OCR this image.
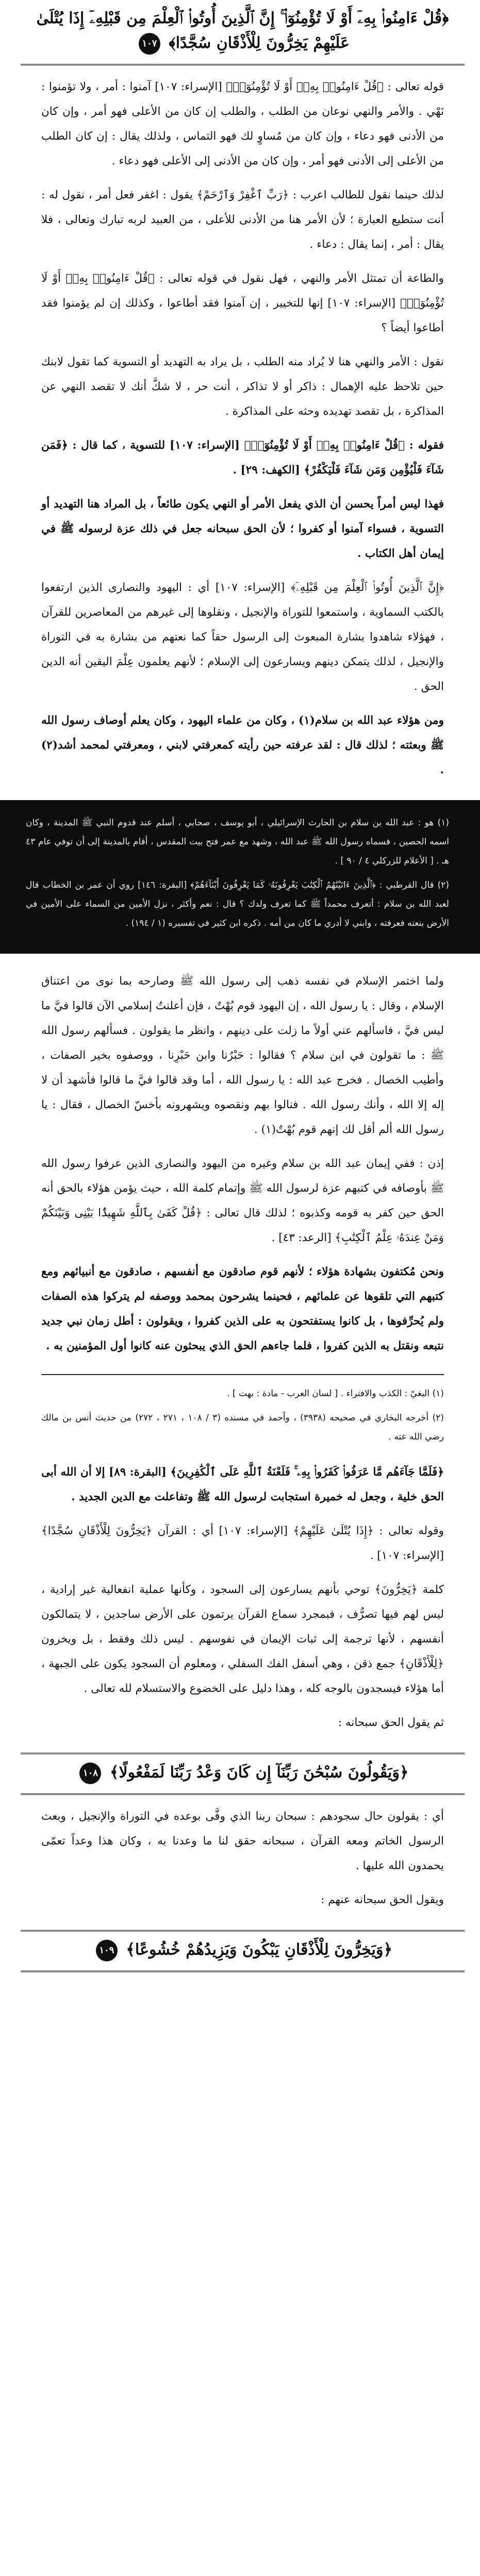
﴿قُلْ ءَامِنُوا۟ بِهِۦٓ أَوْ لَا تُؤْمِنُوٓا۟ ۚ إِنَّ ٱلَّذِينَ أُوتُوا۟ ٱلْعِلْمَ مِن قَبْلِهِۦٓ إِذَا يُتْلَىٰ عَلَيْهِمْ يَخِرُّونَ لِلْأَذْقَانِ سُجَّدًا﴾ ١٠٧

قوله تعالى : ﴿قُلْ ءَامِنُوا۟ بِهِۦٓ أَوْ لَا تُؤْمِنُوٓا۟﴾ [الإسراء: ١٠٧] آمنوا : أمر ، ولا تؤمنوا : نَهْي . والأمر والنهي نوعان من الطلب ، والطلب إن كان من الأعلى فهو أمر ، وإن كان من الأدنى فهو دعاء ، وإن كان من مُساوٍ لك فهو التماس ، ولذلك يقال : إن كان الطلب من الأعلى إلى الأدنى فهو أمر ، وإن كان من الأدنى إلى الأعلى فهو دعاء .

لذلك حينما نقول للطالب اعرب : ﴿رَبِّ ٱغْفِرْ وَٱرْحَمْ﴾ يقول : اغفر فعل أمر ، نقول له : أنت ستطيع العبارة ؛ لأن الأمر هنا من الأدنى للأعلى ، من العبيد لربه تبارك وتعالى ، فلا يقال : أمر ، إنما يقال : دعاء .

والطاعة أن تمتثل الأمر والنهي ، فهل نقول في قوله تعالى : ﴿قُلْ ءَامِنُوا۟ بِهِۦٓ أَوْ لَا تُؤْمِنُوٓا۟﴾ [الإسراء: ١٠٧] إنها للتخيير ، إن آمنوا فقد أطاعوا ، وكذلك إن لم يؤمنوا فقد أطاعوا أيضاً ؟

نقول : الأمر والنهي هنا لا يُراد منه الطلب ، بل يراد به التهديد أو التسوية كما تقول لابنك حين تلاحظ عليه الإهمال : ذاكر أو لا تذاكر ، أنت حر ، لا شكَّ أنك لا تقصد النهي عن المذاكرة ، بل تقصد تهديده وحثه على المذاكرة .

فقوله : ﴿قُلْ ءَامِنُوا۟ بِهِۦٓ أَوْ لَا تُؤْمِنُوٓا۟﴾ [الإسراء: ١٠٧] للتسوية ، كما قال : ﴿فَمَن شَآءَ فَلْيُؤْمِن وَمَن شَآءَ فَلْيَكْفُرْ﴾ [الكهف: ٢٩] .

فهذا ليس أمراً يحسن أن الذي يفعل الأمر أو النهي يكون طائعاً ، بل المراد هنا التهديد أو التسوية ، فسواء آمنوا أو كفروا ؛ لأن الحق سبحانه جعل في ذلك عزة لرسوله ﷺ في إيمان أهل الكتاب .

﴿إِنَّ ٱلَّذِينَ أُوتُوا۟ ٱلْعِلْمَ مِن قَبْلِهِۦٓ﴾ [الإسراء: ١٠٧] أي : اليهود والنصارى الذين ارتفعوا بالكتب السماوية ، واستمعوا للتوراة والإنجيل ، ونقلوها إلى غيرهم من المعاصرين للقرآن ، فهؤلاء شاهدوا بشارة المبعوث إلى الرسول حقاً كما نعتهم من بشارة به في التوراة والإنجيل ، لذلك يتمكن دينهم ويسارعون إلى الإسلام ؛ لأنهم يعلمون عِلْمَ اليقين أنه الدين الحق .

ومن هؤلاء عبد الله بن سلام(١) ، وكان من علماء اليهود ، وكان يعلم أوصاف رسول الله ﷺ وبعثته ؛ لذلك قال : لقد عرفته حين رأيته كمعرفتي لابني ، ومعرفتي لمحمد أشد(٢) .

(١) هو : عبد الله بن سلام بن الحارث الإسرائيلي ، أبو يوسف ، صحابي ، أسلم عند قدوم النبي ﷺ المدينة ، وكان اسمه الحصين ، فسماه رسول الله ﷺ عبد الله ، وشهد مع عمر فتح بيت المقدس ، أقام بالمدينة إلى أن توفي عام ٤٣ هـ . [ الأعلام للزركلي ٤ / ٩٠ ] .
(٢) قال القرطبي : ﴿ٱلَّذِينَ ءَاتَيْنَٰهُمُ ٱلْكِتَٰبَ يَعْرِفُونَهُۥ كَمَا يَعْرِفُونَ أَبْنَآءَهُمْ﴾ [البقرة: ١٤٦] روي أن عمر بن الخطاب قال لعبد الله بن سلام : أتعرف محمداً ﷺ كما تعرف ولدك ؟ قال : نعم وأكثر ، نزل الأمين من السماء على الأمين في الأرض بنعته فعرفته ، وابني لا أدري ما كان من أمه . ذكره ابن كثير في تفسيره (١ / ١٩٤) .

ولما اختمر الإسلام في نفسه ذهب إلى رسول الله ﷺ وصارحه بما نوى من اعتناق الإسلام ، وقال : يا رسول الله ، إن اليهود قوم بُهْتٌ ، فإن أعلنتُ إسلامي الآن قالوا فيَّ ما ليس فيَّ ، فاسألهم عني أولاً ما زلت على دينهم ، وانظر ما يقولون . فسألهم رسول الله ﷺ : ما تقولون في ابن سلام ؟ فقالوا : حَبْرُنا وابن حَبْرِنا ، ووصفوه بخير الصفات ، وأطيب الخصال . فخرج عبد الله : يا رسول الله ، أما وقد قالوا فيَّ ما قالوا فأشهد أن لا إله إلا الله ، وأنك رسول الله . فنالوا بهم ونقصوه ويشهرونه بأخسّ الخصال ، فقال : يا رسول الله ألم أقل لك إنهم قوم بُهْتٌ(١) .

إذن : ففي إيمان عبد الله بن سلام وغيره من اليهود والنصارى الذين عرفوا رسول الله ﷺ بأوصافه في كتبهم عزة لرسول الله ﷺ وإتمام كلمة الله ، حيث يؤمن هؤلاء بالحق أنه الحق حين كفر به قومه وكذبوه ؛ لذلك قال تعالى : ﴿قُلْ كَفَىٰ بِٱللَّهِ شَهِيدًۢا بَيْنِى وَبَيْنَكُمْ وَمَنْ عِندَهُۥ عِلْمُ ٱلْكِتَٰبِ﴾ [الرعد: ٤٣] .

ونحن مُكتفون بشهادة هؤلاء ؛ لأنهم قوم صادقون مع أنفسهم ، صادقون مع أنبيائهم ومع كتبهم التي تلقوها عن علمائهم ، فحينما يشرحون بمحمد ووصفه لم يتركوا هذه الصفات ولم يُحرِّفوها ، بل كانوا يستفتحون به على الذين كفروا ، ويقولون : أطل زمان نبي جديد نتبعه ونقتل به الذين كفروا ، فلما جاءهم الحق الذي يبحثون عنه كانوا أول المؤمنين به .

(١) البغيّ : الكذب والافتراء . [ لسان العرب - مادة : بهت ] .
(٢) أخرجه البخاري في صحيحه (٣٩٣٨) ، وأحمد في مسنده (٣ / ١٠٨ ، ٢٧١ ، ٢٧٢) من حديث أنس بن مالك رضي الله عنه .

﴿فَلَمَّا جَآءَهُم مَّا عَرَفُوا۟ كَفَرُوا۟ بِهِۦ ۚ فَلَعْنَةُ ٱللَّهِ عَلَى ٱلْكَٰفِرِينَ﴾ [البقرة: ٨٩] إلا أن الله أبى الحق خلية ، وجعل له خميرة استجابت لرسول الله ﷺ وتفاعلت مع الدين الجديد .

وقوله تعالى : ﴿إِذَا يُتْلَىٰ عَلَيْهِمْ﴾ [الإسراء: ١٠٧] أي : القرآن ﴿يَخِرُّونَ لِلْأَذْقَانِ سُجَّدًا﴾ [الإسراء: ١٠٧] .

كلمة ﴿يَخِرُّونَ﴾ توحي بأنهم يسارعون إلى السجود ، وكأنها عملية انفعالية غير إرادية ، ليس لهم فيها تصرُّف ، فبمجرد سماع القرآن يرتمون على الأرض ساجدين ، لا يتمالكون أنفسهم ، لأنها ترجمة إلى ثبات الإيمان في نفوسهم . ليس ذلك وفقط ، بل ويخرون ﴿لِلْأَذْقَانِ﴾ جمع ذقن ، وهي أسفل الفك السفلي ، ومعلوم أن السجود يكون على الجبهة ، أما هؤلاء فيسجدون بالوجه كله ، وهذا دليل على الخضوع والاستسلام لله تعالى .

ثم يقول الحق سبحانه :

﴿وَيَقُولُونَ سُبْحَٰنَ رَبِّنَآ إِن كَانَ وَعْدُ رَبِّنَا لَمَفْعُولًا﴾ ١٠٨

أي : يقولون حال سجودهم : سبحان ربنا الذي وفَّى بوعده في التوراة والإنجيل ، وبعث الرسول الخاتم ومعه القرآن ، سبحانه حقق لنا ما وعدنا به ، وكان هذا وعداً تعمّى يحمدون الله عليها .

ويقول الحق سبحانه عنهم :

﴿وَيَخِرُّونَ لِلْأَذْقَانِ يَبْكُونَ وَيَزِيدُهُمْ خُشُوعًا﴾ ١٠٩
